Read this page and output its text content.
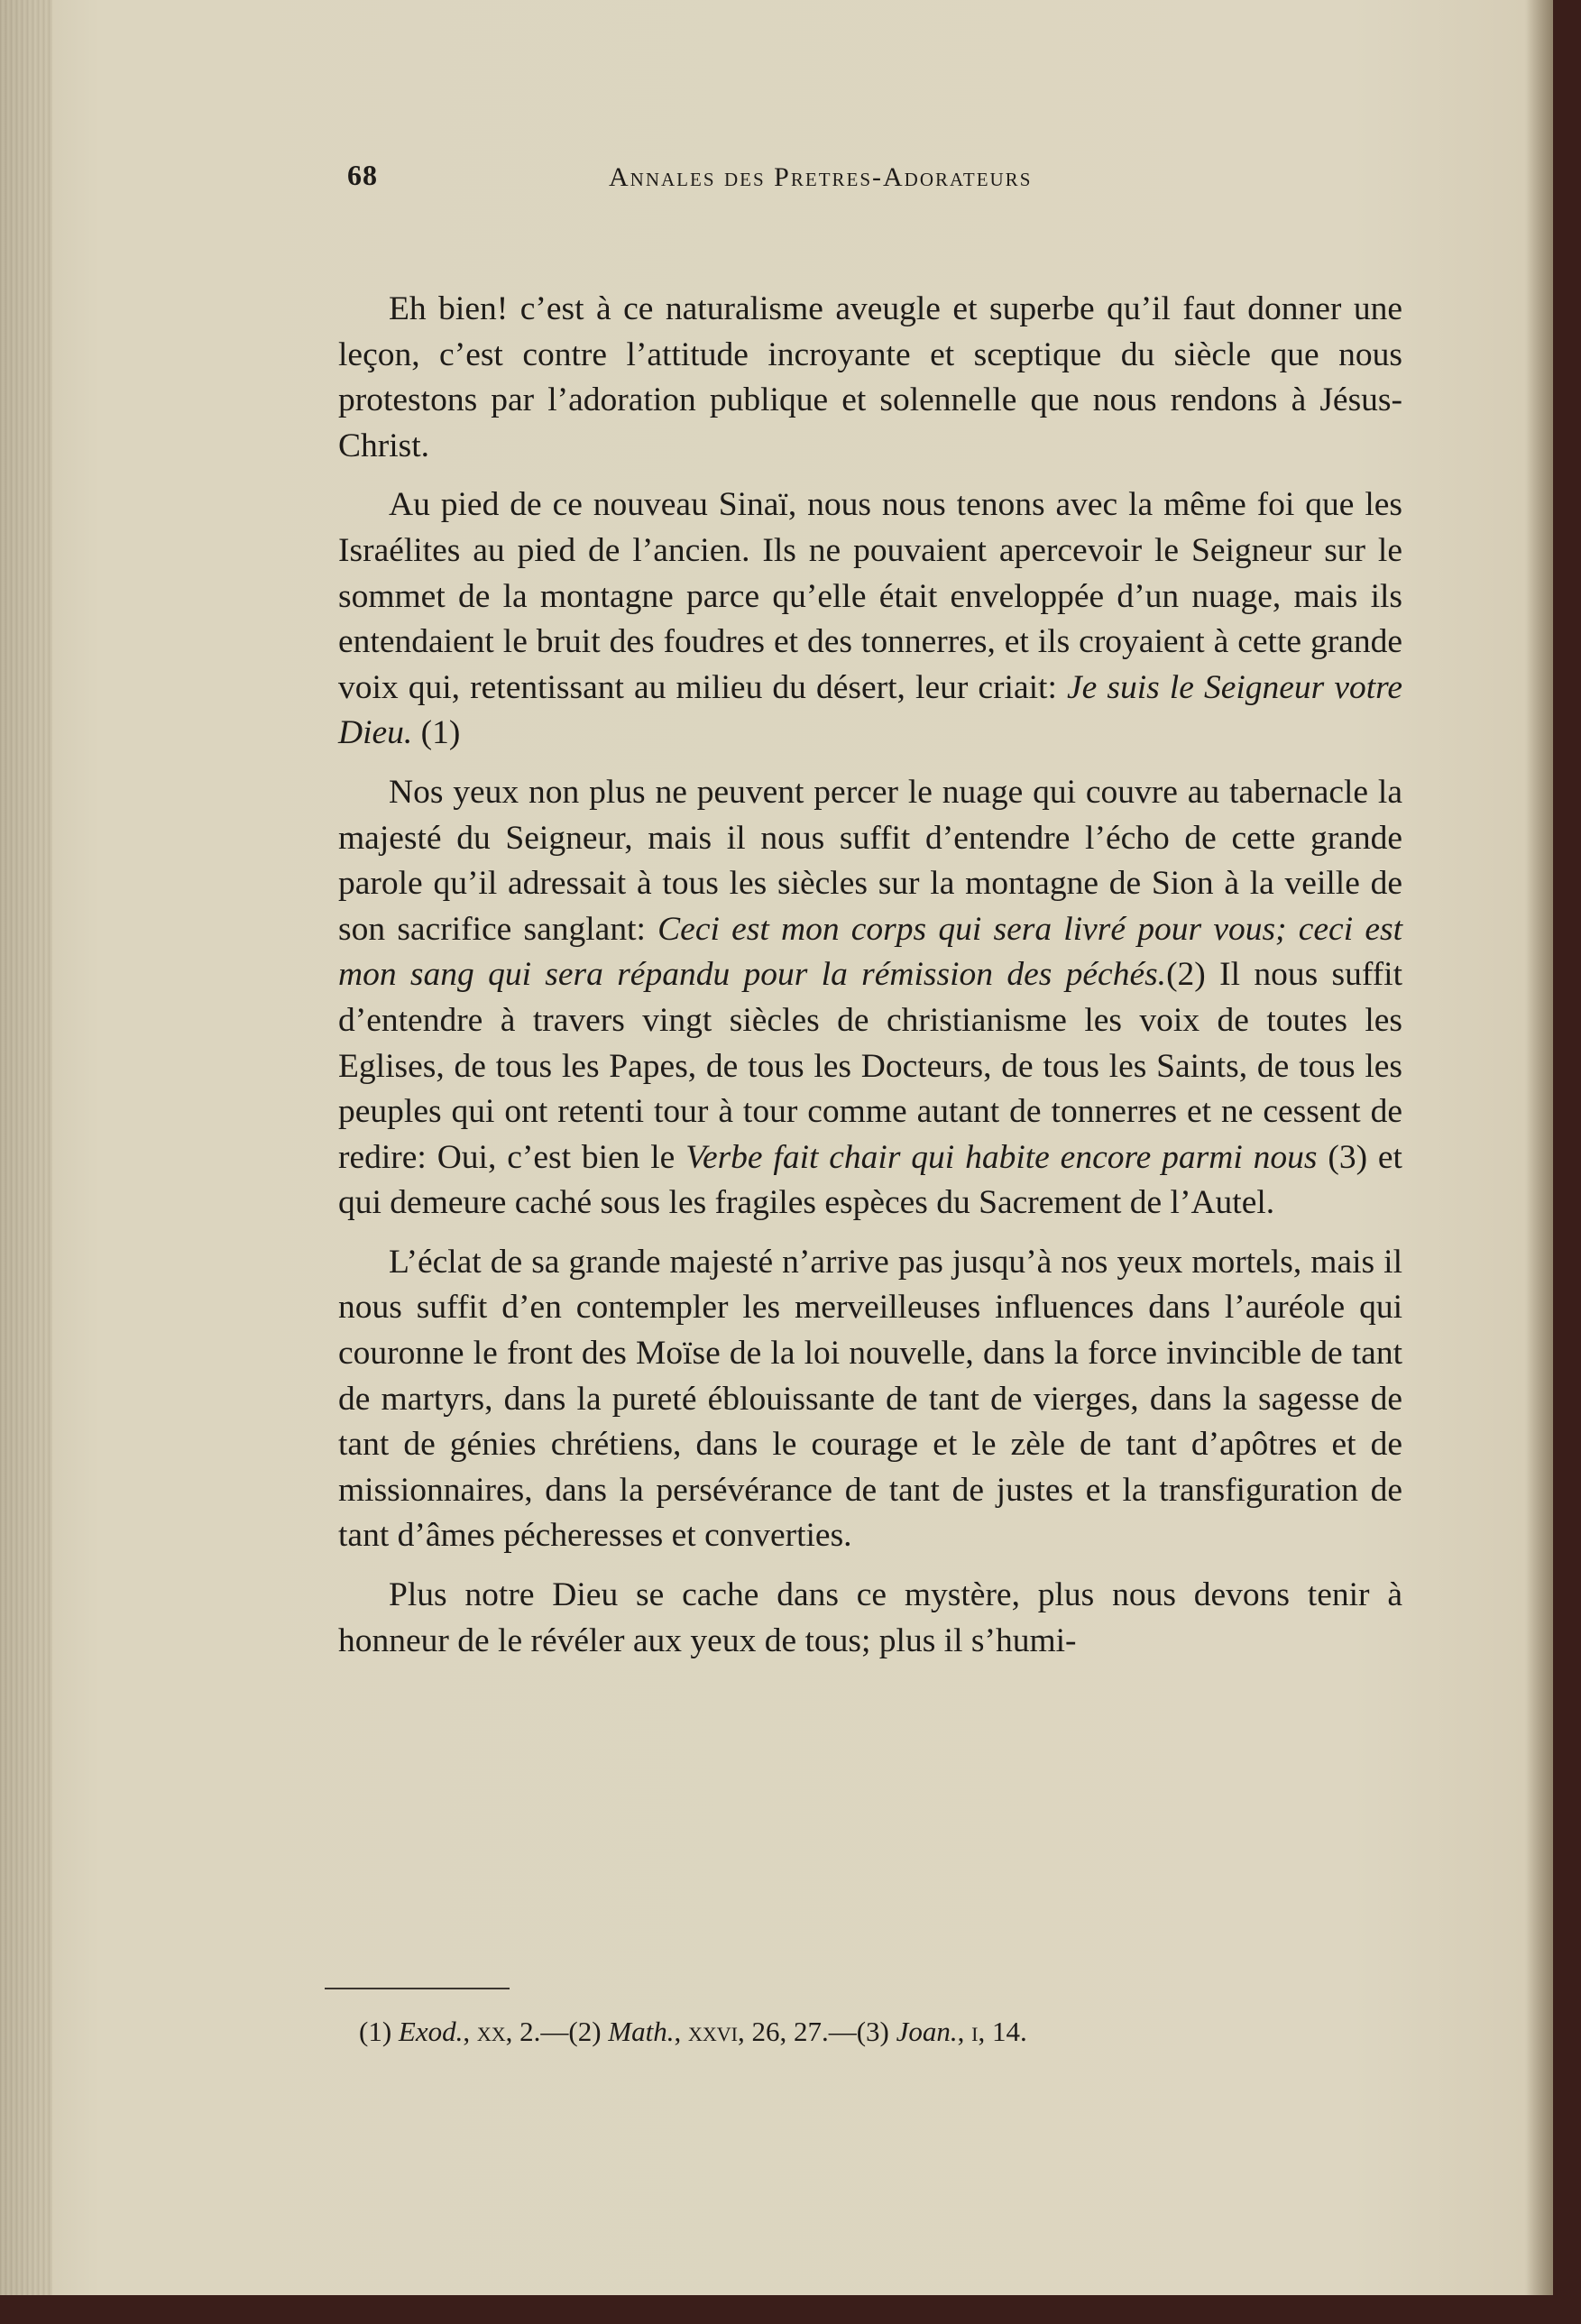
68	Annales des Pretres-Adorateurs

Eh bien! c’est à ce naturalisme aveugle et superbe qu’il faut donner une leçon, c’est contre l’attitude incroyante et sceptique du siècle que nous protestons par l’adoration publique et solennelle que nous rendons à Jésus-Christ.

Au pied de ce nouveau Sinaï, nous nous tenons avec la même foi que les Israélites au pied de l’ancien. Ils ne pouvaient apercevoir le Seigneur sur le sommet de la montagne parce qu’elle était enveloppée d’un nuage, mais ils entendaient le bruit des foudres et des tonnerres, et ils croyaient à cette grande voix qui, retentissant au milieu du désert, leur criait: Je suis le Seigneur votre Dieu. (1)

Nos yeux non plus ne peuvent percer le nuage qui couvre au tabernacle la majesté du Seigneur, mais il nous suffit d’entendre l’écho de cette grande parole qu’il adressait à tous les siècles sur la montagne de Sion à la veille de son sacrifice sanglant: Ceci est mon corps qui sera livré pour vous; ceci est mon sang qui sera répandu pour la rémission des péchés.(2) Il nous suffit d’entendre à travers vingt siècles de christianisme les voix de toutes les Eglises, de tous les Papes, de tous les Docteurs, de tous les Saints, de tous les peuples qui ont retenti tour à tour comme autant de tonnerres et ne cessent de redire: Oui, c’est bien le Verbe fait chair qui habite encore parmi nous (3) et qui demeure caché sous les fragiles espèces du Sacrement de l’Autel.

L’éclat de sa grande majesté n’arrive pas jusqu’à nos yeux mortels, mais il nous suffit d’en contempler les merveilleuses influences dans l’auréole qui couronne le front des Moïse de la loi nouvelle, dans la force invincible de tant de martyrs, dans la pureté éblouissante de tant de vierges, dans la sagesse de tant de génies chrétiens, dans le courage et le zèle de tant d’apôtres et de missionnaires, dans la persévérance de tant de justes et la transfiguration de tant d’âmes pécheresses et converties.

Plus notre Dieu se cache dans ce mystère, plus nous devons tenir à honneur de le révéler aux yeux de tous; plus il s’humi-

(1) Exod., xx, 2.—(2) Math., xxvi, 26, 27.—(3) Joan., i, 14.
